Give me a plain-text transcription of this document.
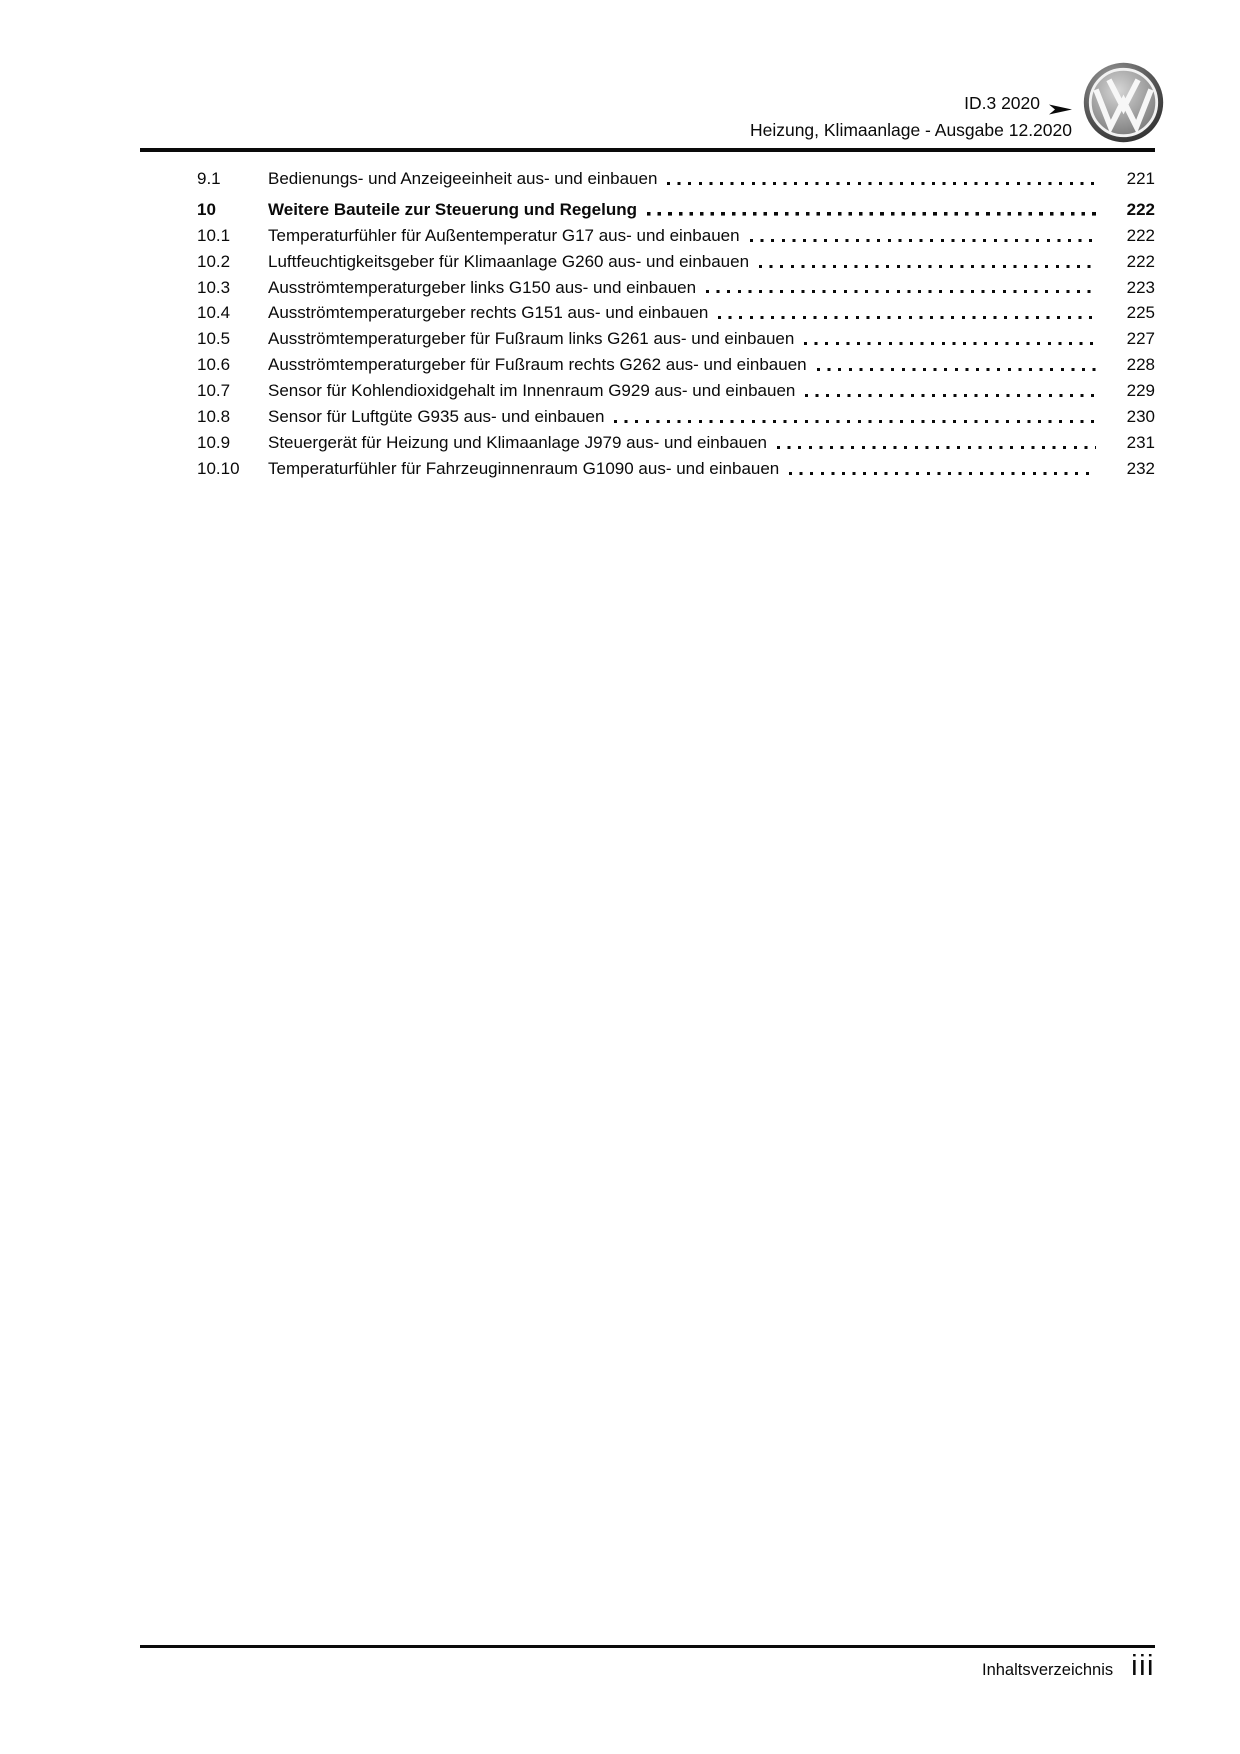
ID.3 2020
Heizung, Klimaanlage - Ausgabe 12.2020
9.1	Bedienungs- und Anzeigeeinheit aus- und einbauen	221
10	Weitere Bauteile zur Steuerung und Regelung	222
10.1	Temperaturfühler für Außentemperatur G17 aus- und einbauen	222
10.2	Luftfeuchtigkeitsgeber für Klimaanlage G260 aus- und einbauen	222
10.3	Ausströmtemperaturgeber links G150 aus- und einbauen	223
10.4	Ausströmtemperaturgeber rechts G151 aus- und einbauen	225
10.5	Ausströmtemperaturgeber für Fußraum links G261 aus- und einbauen	227
10.6	Ausströmtemperaturgeber für Fußraum rechts G262 aus- und einbauen	228
10.7	Sensor für Kohlendioxidgehalt im Innenraum G929 aus- und einbauen	229
10.8	Sensor für Luftgüte G935 aus- und einbauen	230
10.9	Steuergerät für Heizung und Klimaanlage J979 aus- und einbauen	231
10.10	Temperaturfühler für Fahrzeuginnenraum G1090 aus- und einbauen	232
Inhaltsverzeichnis iii
